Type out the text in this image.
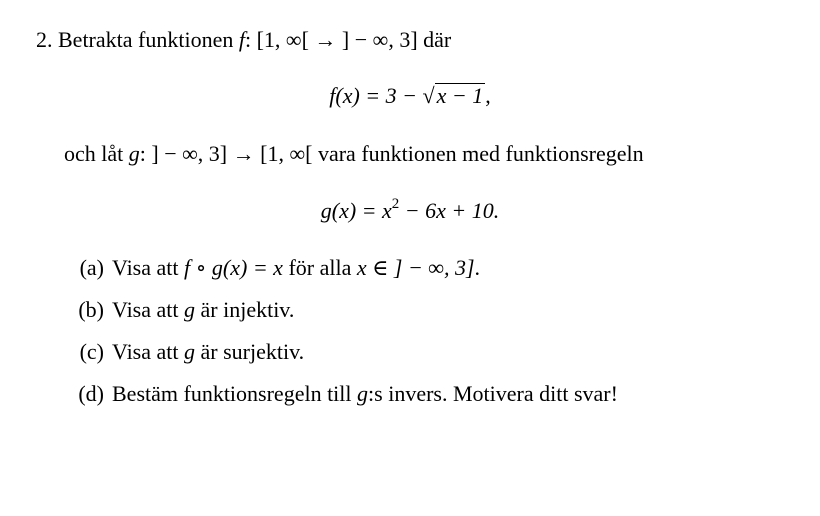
2. Betrakta funktionen f: [1, ∞[ → ] − ∞, 3] där
f(x) = 3 − √x − 1,
och låt g: ] − ∞, 3] → [1, ∞[ vara funktionen med funktionsregeln
$g(x) = x^2 - 6x + 10$.
(a) Visa att f ∘ g(x) = x för alla x ∈ ] − ∞, 3].
(b) Visa att g är injektiv.
(c) Visa att g är surjektiv.
(d) Bestäm funktionsregeln till g:s invers. Motivera ditt svar!
